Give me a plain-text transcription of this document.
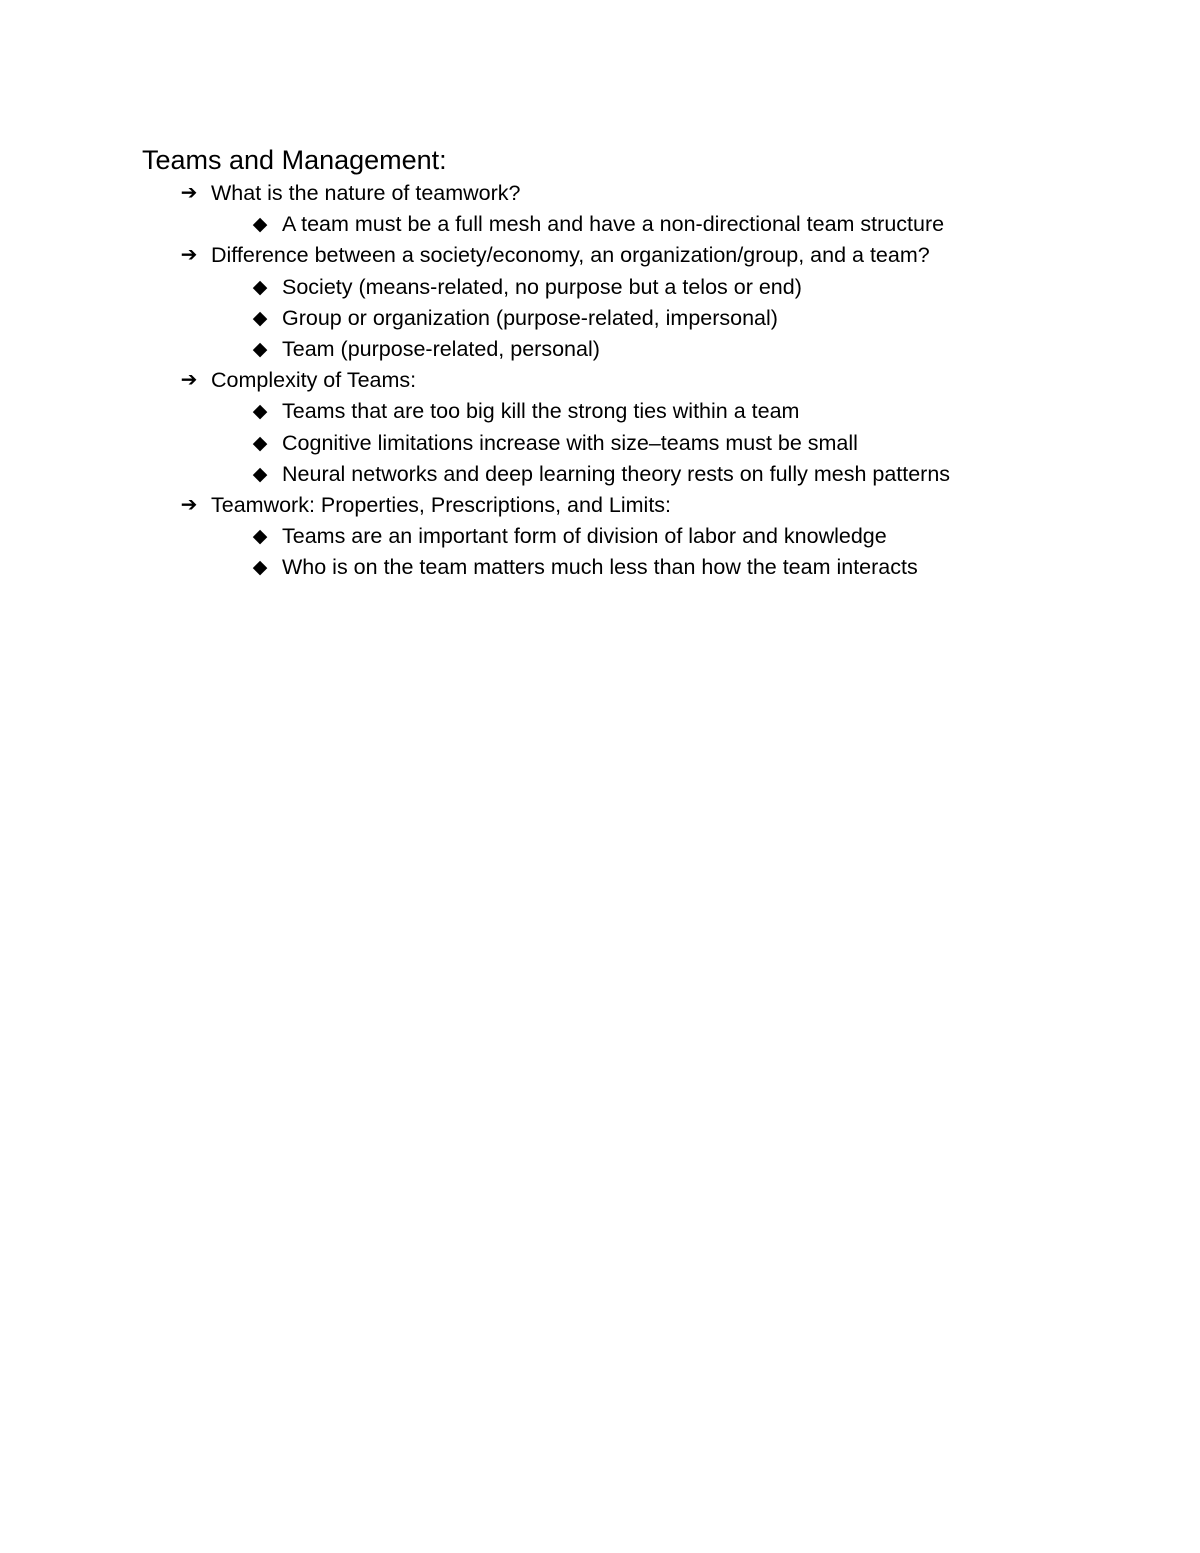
Teams and Management:
➔ What is the nature of teamwork?
◆ A team must be a full mesh and have a non-directional team structure
➔ Difference between a society/economy, an organization/group, and a team?
◆ Society (means-related, no purpose but a telos or end)
◆ Group or organization (purpose-related, impersonal)
◆ Team (purpose-related, personal)
➔ Complexity of Teams:
◆ Teams that are too big kill the strong ties within a team
◆ Cognitive limitations increase with size–teams must be small
◆ Neural networks and deep learning theory rests on fully mesh patterns
➔ Teamwork: Properties, Prescriptions, and Limits:
◆ Teams are an important form of division of labor and knowledge
◆ Who is on the team matters much less than how the team interacts
